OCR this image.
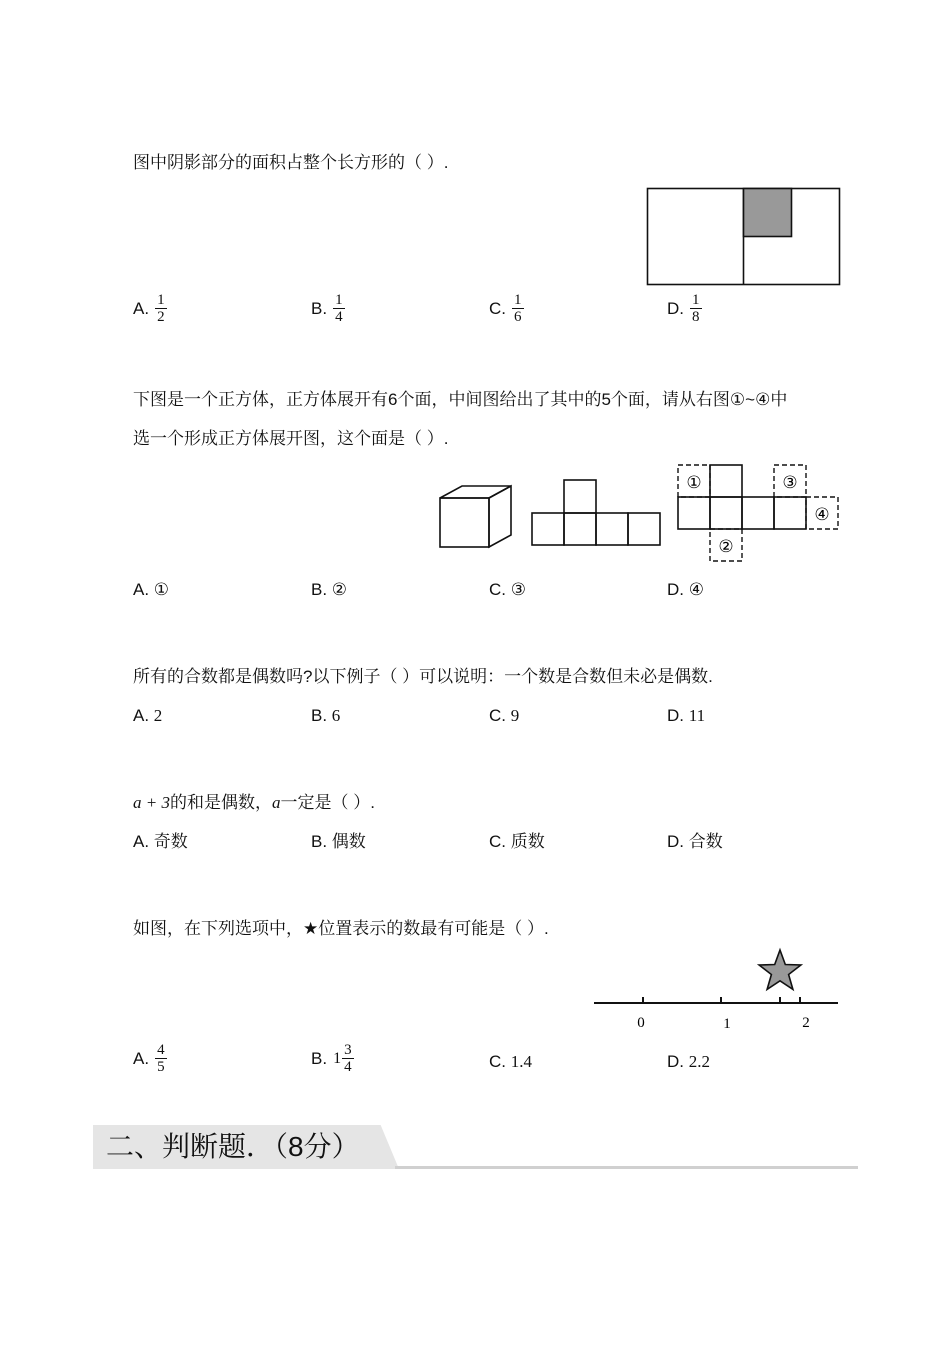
图中阴影部分的面积占整个长方形的（ ）.
A. $\frac{1}{2}$	B. $\frac{1}{4}$	C. $\frac{1}{6}$	D. $\frac{1}{8}$
下图是一个正方体，正方体展开有6个面，中间图给出了其中的5个面，请从右图①~④中
选一个形成正方体展开图，这个面是（ ）.
①
②
③
④
A.
①	B.
②	C.
③	D.
④
所有的合数都是偶数吗?以下例子（ ）可以说明：一个数是合数但未必是偶数.
A.
2	B.
6	C.
9	D.
11
a + 3的和是偶数，a一定是（ ）.
A.
奇数	B.
偶数	C.
质数	D.
合数
如图，在下列选项中，★位置表示的数最有可能是（ ）.
0	1	2
A. $\frac{4}{5}$	B. $1 \frac{3}{4}$	C.
1.4	D.
2.2
二、判断题．（8分）
